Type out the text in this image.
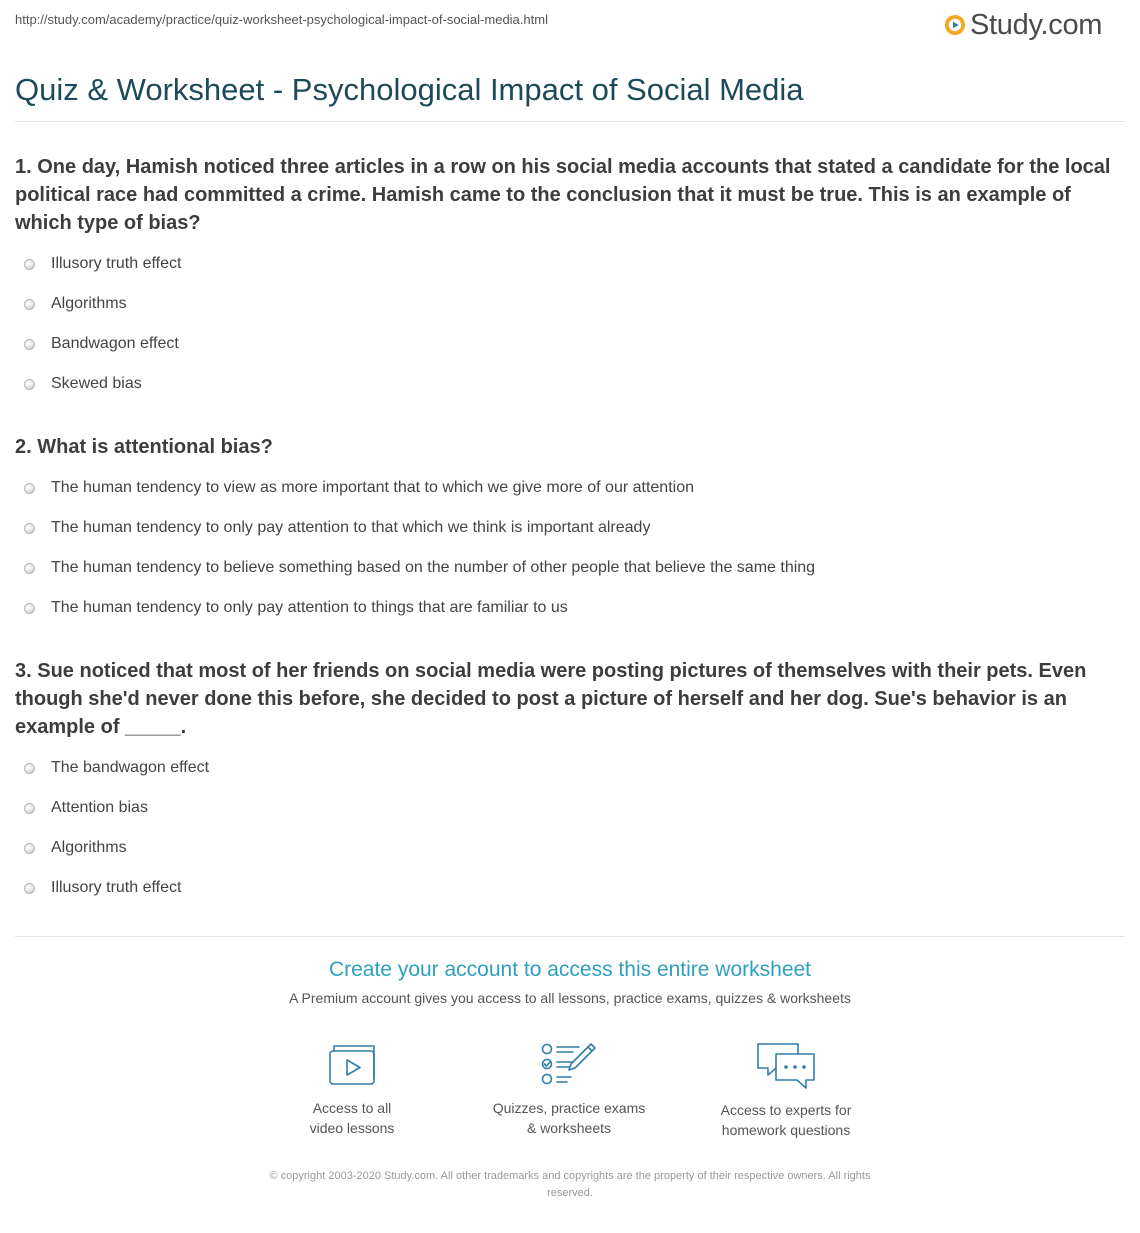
http://study.com/academy/practice/quiz-worksheet-psychological-impact-of-social-media.html	Study.com
Quiz & Worksheet - Psychological Impact of Social Media
1. One day, Hamish noticed three articles in a row on his social media accounts that stated a candidate for the local political race had committed a crime. Hamish came to the conclusion that it must be true. This is an example of which type of bias?
Illusory truth effect
Algorithms
Bandwagon effect
Skewed bias
2. What is attentional bias?
The human tendency to view as more important that to which we give more of our attention
The human tendency to only pay attention to that which we think is important already
The human tendency to believe something based on the number of other people that believe the same thing
The human tendency to only pay attention to things that are familiar to us
3. Sue noticed that most of her friends on social media were posting pictures of themselves with their pets. Even though she'd never done this before, she decided to post a picture of herself and her dog. Sue's behavior is an example of _____.
The bandwagon effect
Attention bias
Algorithms
Illusory truth effect
Create your account to access this entire worksheet
A Premium account gives you access to all lessons, practice exams, quizzes & worksheets
Access to all
video lessons
Quizzes, practice exams
& worksheets
Access to experts for
homework questions
© copyright 2003-2020 Study.com. All other trademarks and copyrights are the property of their respective owners. All rights
reserved.
